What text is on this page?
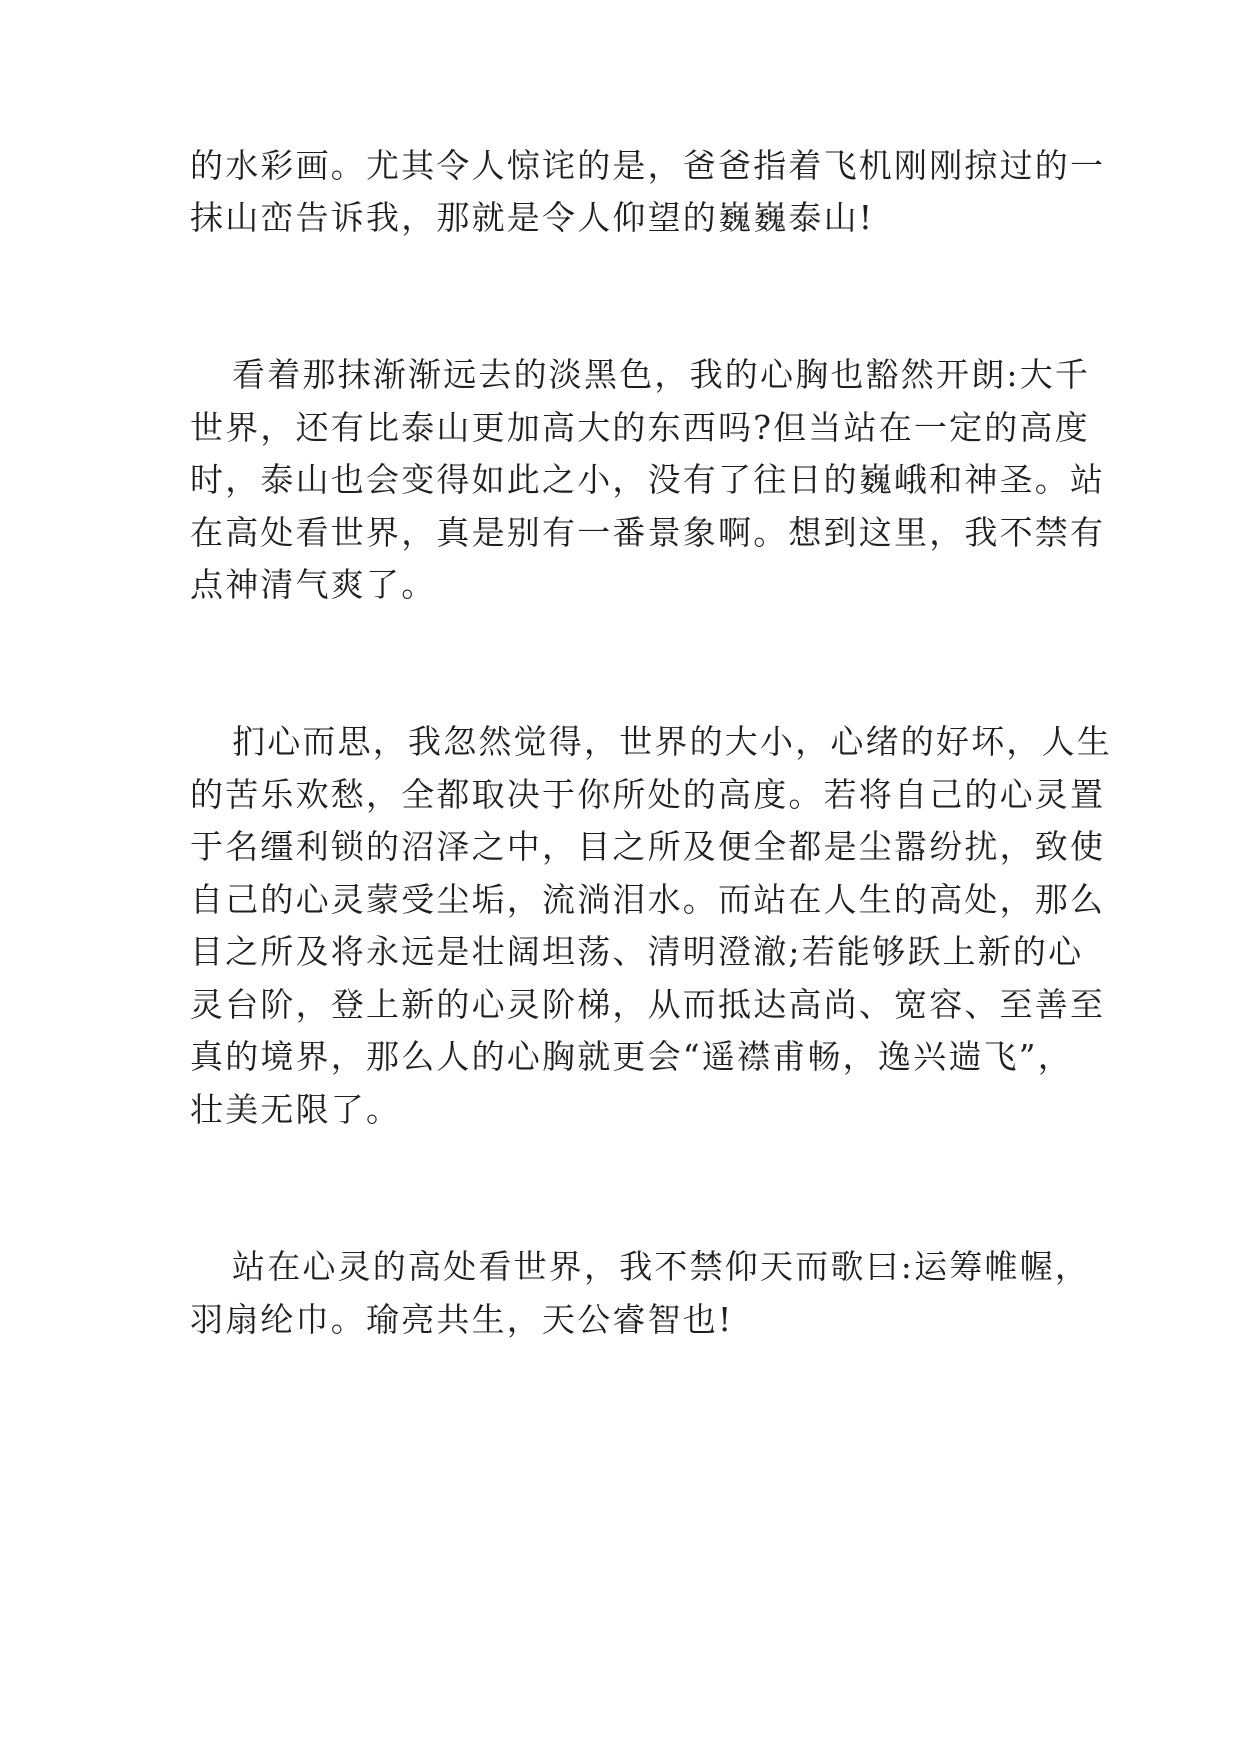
的水彩画。尤其令人惊诧的是，爸爸指着飞机刚刚掠过的一
抹山峦告诉我，那就是令人仰望的巍巍泰山!
看着那抹渐渐远去的淡黑色，我的心胸也豁然开朗:大千
世界，还有比泰山更加高大的东西吗?但当站在一定的高度
时，泰山也会变得如此之小，没有了往日的巍峨和神圣。站
在高处看世界，真是别有一番景象啊。想到这里，我不禁有
点神清气爽了。
扪心而思，我忽然觉得，世界的大小，心绪的好坏，人生
的苦乐欢愁，全都取决于你所处的高度。若将自己的心灵置
于名缰利锁的沼泽之中，目之所及便全都是尘嚣纷扰，致使
自己的心灵蒙受尘垢，流淌泪水。而站在人生的高处，那么
目之所及将永远是壮阔坦荡、清明澄澈;若能够跃上新的心
灵台阶，登上新的心灵阶梯，从而抵达高尚、宽容、至善至
真的境界，那么人的心胸就更会“遥襟甫畅，逸兴遄飞”，
壮美无限了。
站在心灵的高处看世界，我不禁仰天而歌曰:运筹帷幄，
羽扇纶巾。瑜亮共生，天公睿智也!
